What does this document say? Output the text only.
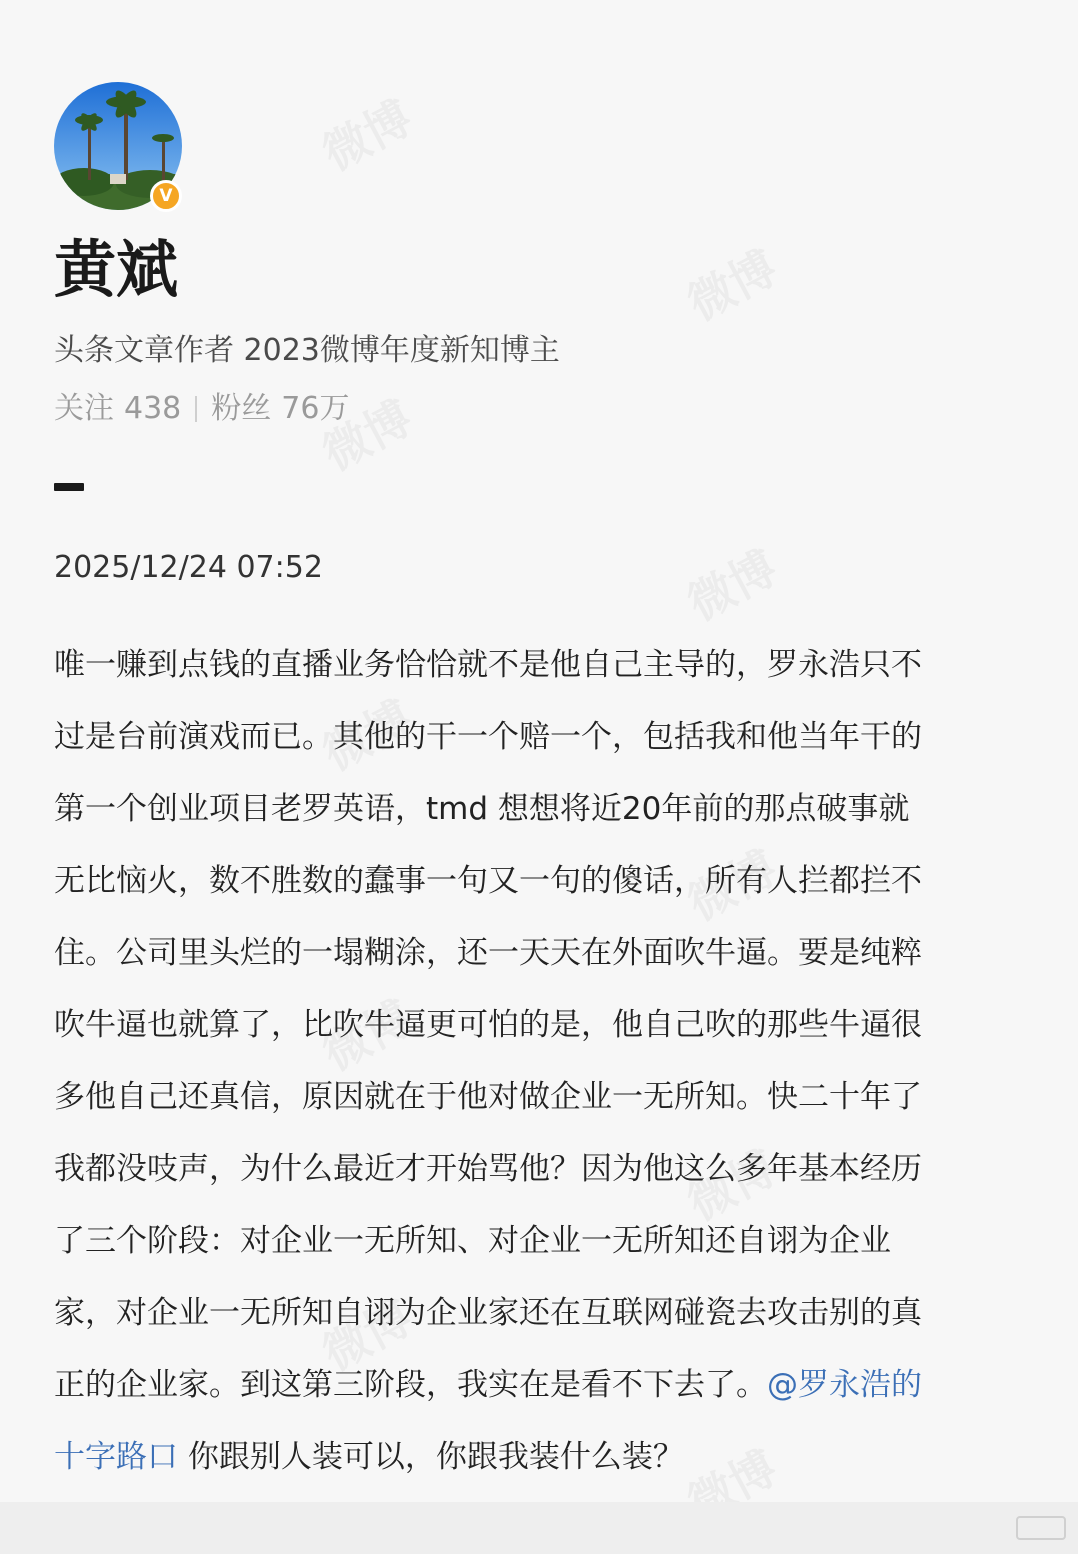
V
黄斌

头条文章作者 2023微博年度新知博主

关注 438 粉丝 76万

2025/12/24 07:52

唯一赚到点钱的直播业务恰恰就不是他自己主导的，罗永浩只不
过是台前演戏而已。其他的干一个赔一个，包括我和他当年干的
第一个创业项目老罗英语，tmd 想想将近20年前的那点破事就
无比恼火，数不胜数的蠢事一句又一句的傻话，所有人拦都拦不
住。公司里头烂的一塌糊涂，还一天天在外面吹牛逼。要是纯粹
吹牛逼也就算了，比吹牛逼更可怕的是，他自己吹的那些牛逼很
多他自己还真信，原因就在于他对做企业一无所知。快二十年了
我都没吱声，为什么最近才开始骂他？因为他这么多年基本经历
了三个阶段：对企业一无所知、对企业一无所知还自诩为企业
家，对企业一无所知自诩为企业家还在互联网碰瓷去攻击别的真
正的企业家。到这第三阶段，我实在是看不下去了。@罗永浩的
十字路口 你跟别人装可以，你跟我装什么装？
